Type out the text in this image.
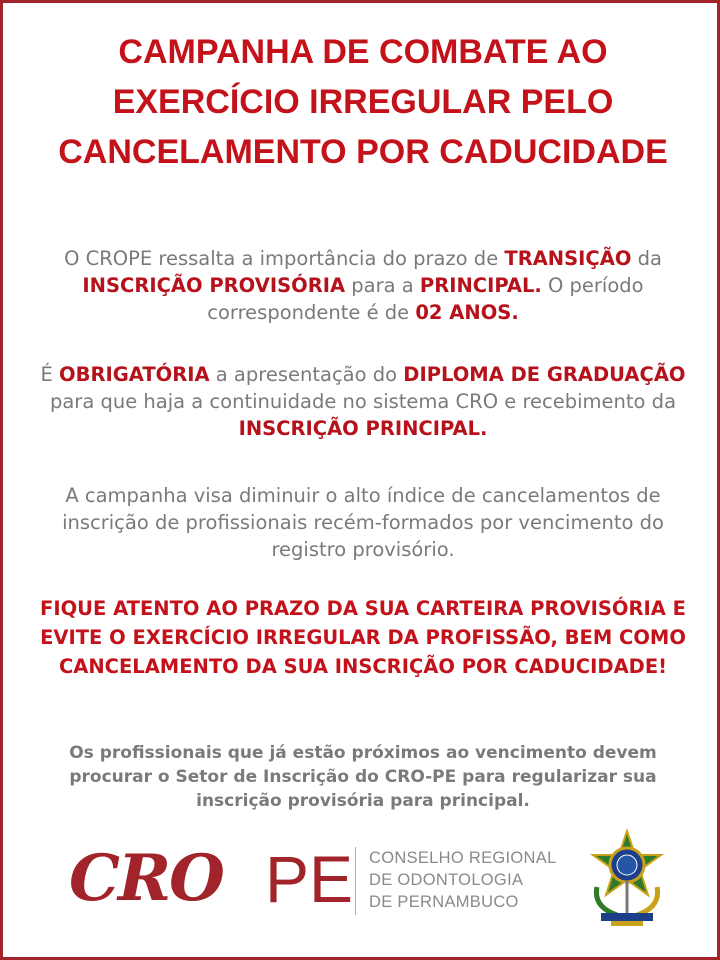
CAMPANHA DE COMBATE AO EXERCÍCIO IRREGULAR PELO CANCELAMENTO POR CADUCIDADE
O CROPE ressalta a importância do prazo de TRANSIÇÃO da INSCRIÇÃO PROVISÓRIA para a PRINCIPAL. O período correspondente é de 02 ANOS.
É OBRIGATÓRIA a apresentação do DIPLOMA DE GRADUAÇÃO para que haja a continuidade no sistema CRO e recebimento da INSCRIÇÃO PRINCIPAL.
A campanha visa diminuir o alto índice de cancelamentos de inscrição de profissionais recém-formados por vencimento do registro provisório.
FIQUE ATENTO AO PRAZO DA SUA CARTEIRA PROVISÓRIA E EVITE O EXERCÍCIO IRREGULAR DA PROFISSÃO, BEM COMO CANCELAMENTO DA SUA INSCRIÇÃO POR CADUCIDADE!
Os profissionais que já estão próximos ao vencimento devem procurar o Setor de Inscrição do CRO-PE para regularizar sua inscrição provisória para principal.
CRO PE CONSELHO REGIONAL
DE ODONTOLOGIA
DE PERNAMBUCO
